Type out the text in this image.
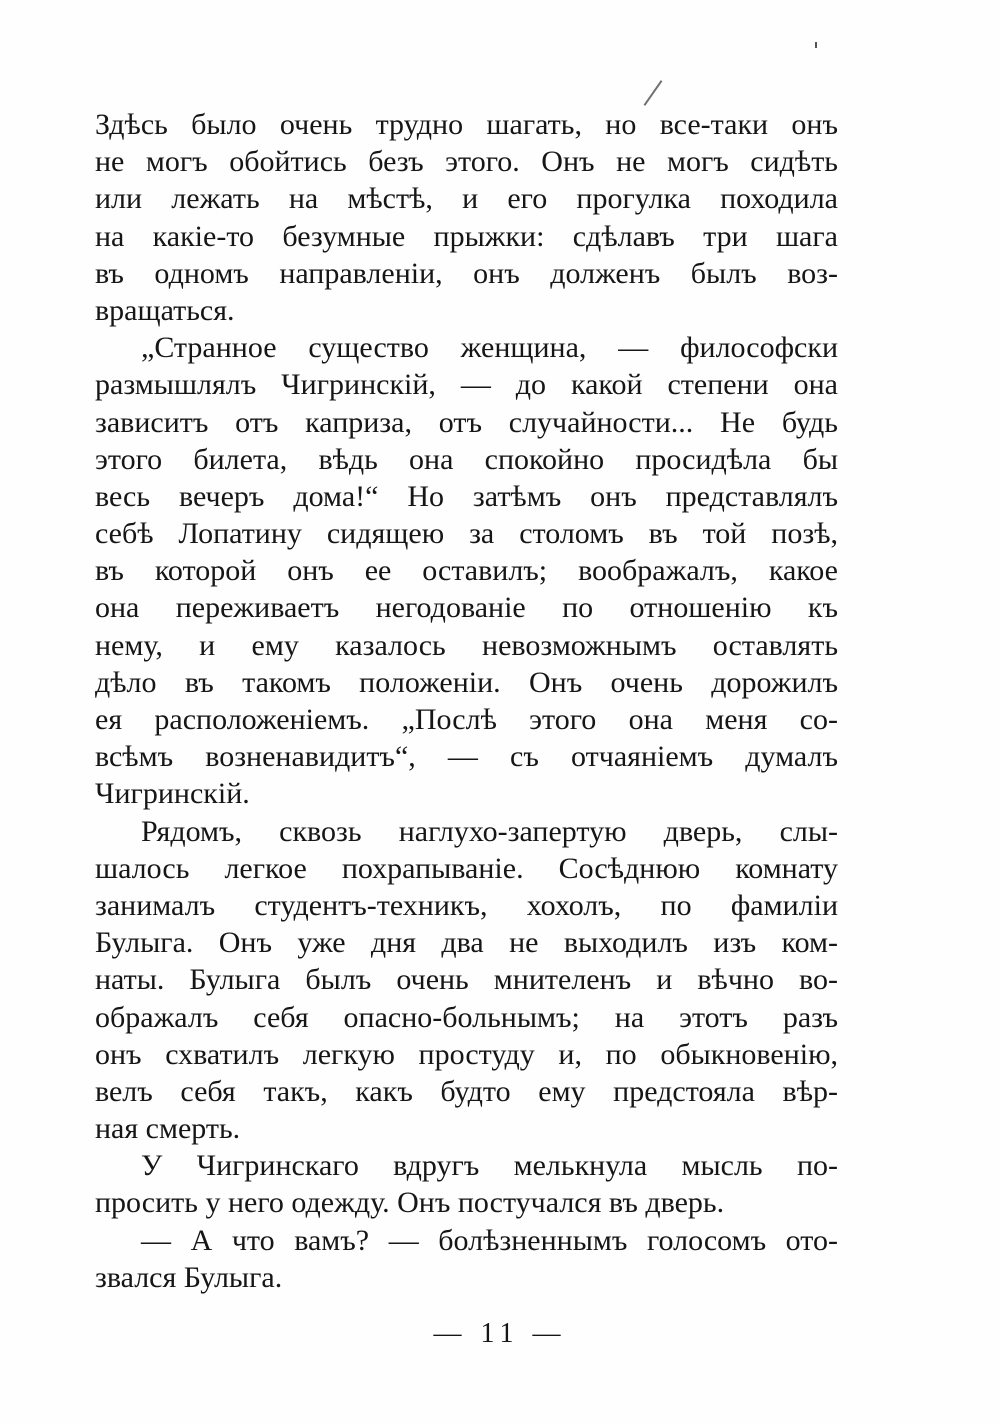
Здѣсь было очень трудно шагать, но все-таки онъ
не могъ обойтись безъ этого. Онъ не могъ сидѣть
или лежать на мѣстѣ, и его прогулка походила
на какіе-то безумные прыжки: сдѣлавъ три шага
въ одномъ направленіи, онъ долженъ былъ воз-
вращаться.
„Странное существо женщина, — философски
размышлялъ Чигринскій, — до какой степени она
зависитъ отъ каприза, отъ случайности... Не будь
этого билета, вѣдь она спокойно просидѣла бы
весь вечеръ дома!“ Но затѣмъ онъ представлялъ
себѣ Лопатину сидящею за столомъ въ той позѣ,
въ которой онъ ее оставилъ; воображалъ, какое
она переживаетъ негодованіе по отношенію къ
нему, и ему казалось невозможнымъ оставлять
дѣло въ такомъ положеніи. Онъ очень дорожилъ
ея расположеніемъ. „Послѣ этого она меня со-
всѣмъ возненавидитъ“, — съ отчаяніемъ думалъ
Чигринскій.
Рядомъ, сквозь наглухо-запертую дверь, слы-
шалось легкое похрапываніе. Сосѣднюю комнату
занималъ студентъ-техникъ, хохолъ, по фамиліи
Булыга. Онъ уже дня два не выходилъ изъ ком-
наты. Булыга былъ очень мнителенъ и вѣчно во-
ображалъ себя опасно-больнымъ; на этотъ разъ
онъ схватилъ легкую простуду и, по обыкновенію,
велъ себя такъ, какъ будто ему предстояла вѣр-
ная смерть.
У Чигринскаго вдругъ мелькнула мысль по-
просить у него одежду. Онъ постучался въ дверь.
— А что вамъ? — болѣзненнымъ голосомъ ото-
звался Булыга.
— 11 —
